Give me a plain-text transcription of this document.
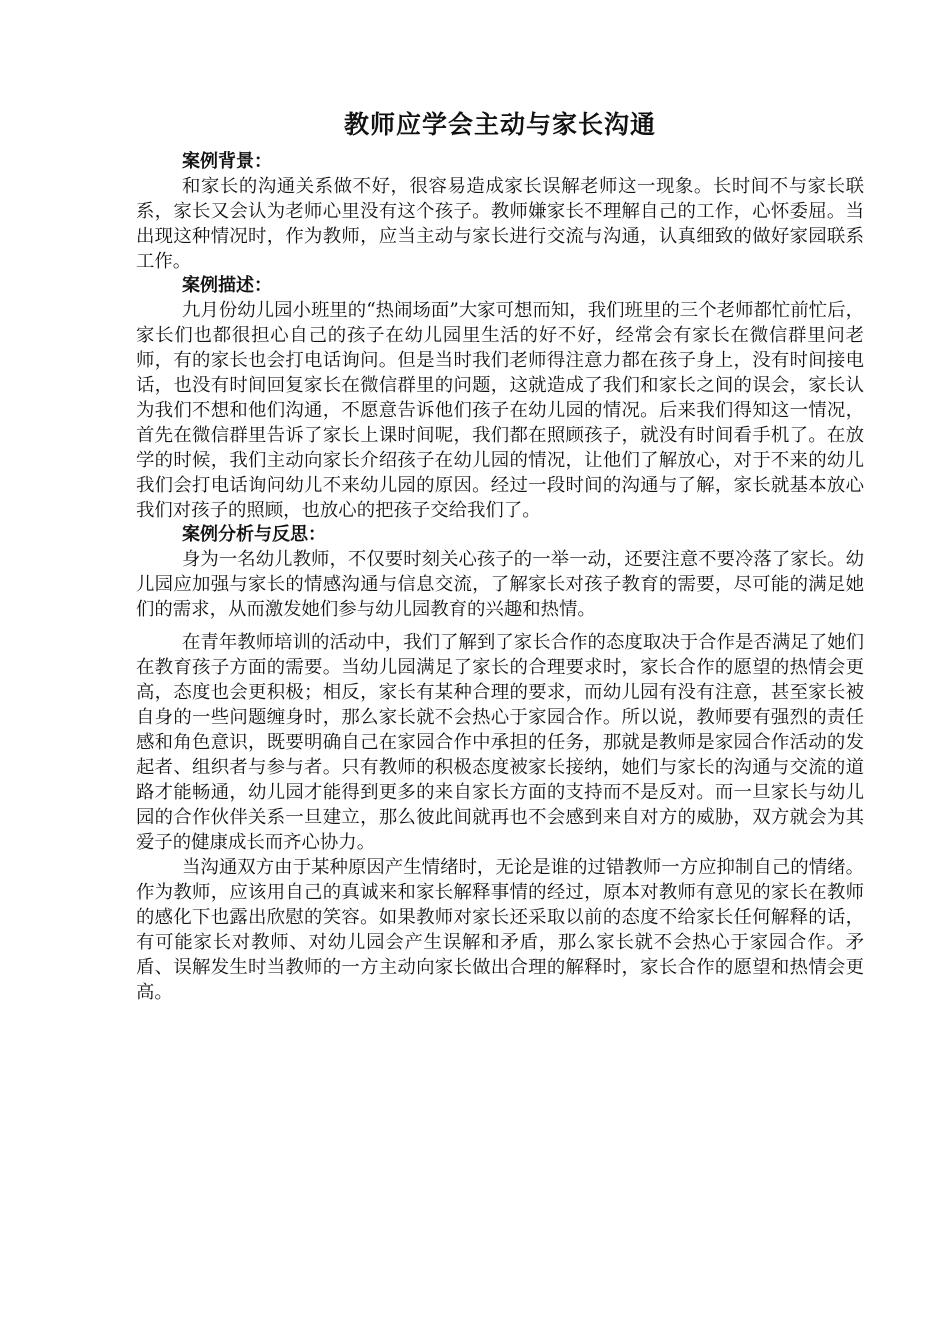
教师应学会主动与家长沟通

案例背景：

和家长的沟通关系做不好，很容易造成家长误解老师这一现象。长时间不与家长联系，家长又会认为老师心里没有这个孩子。教师嫌家长不理解自己的工作，心怀委屈。当出现这种情况时，作为教师，应当主动与家长进行交流与沟通，认真细致的做好家园联系工作。

案例描述：

九月份幼儿园小班里的“热闹场面”大家可想而知，我们班里的三个老师都忙前忙后，家长们也都很担心自己的孩子在幼儿园里生活的好不好，经常会有家长在微信群里问老师，有的家长也会打电话询问。但是当时我们老师得注意力都在孩子身上，没有时间接电话，也没有时间回复家长在微信群里的问题，这就造成了我们和家长之间的误会，家长认为我们不想和他们沟通，不愿意告诉他们孩子在幼儿园的情况。后来我们得知这一情况，首先在微信群里告诉了家长上课时间呢，我们都在照顾孩子，就没有时间看手机了。在放学的时候，我们主动向家长介绍孩子在幼儿园的情况，让他们了解放心，对于不来的幼儿我们会打电话询问幼儿不来幼儿园的原因。经过一段时间的沟通与了解，家长就基本放心我们对孩子的照顾，也放心的把孩子交给我们了。

案例分析与反思：

身为一名幼儿教师，不仅要时刻关心孩子的一举一动，还要注意不要冷落了家长。幼儿园应加强与家长的情感沟通与信息交流，了解家长对孩子教育的需要，尽可能的满足她们的需求，从而激发她们参与幼儿园教育的兴趣和热情。

在青年教师培训的活动中，我们了解到了家长合作的态度取决于合作是否满足了她们在教育孩子方面的需要。当幼儿园满足了家长的合理要求时，家长合作的愿望的热情会更高，态度也会更积极；相反，家长有某种合理的要求，而幼儿园有没有注意，甚至家长被自身的一些问题缠身时，那么家长就不会热心于家园合作。所以说，教师要有强烈的责任感和角色意识，既要明确自己在家园合作中承担的任务，那就是教师是家园合作活动的发起者、组织者与参与者。只有教师的积极态度被家长接纳，她们与家长的沟通与交流的道路才能畅通，幼儿园才能得到更多的来自家长方面的支持而不是反对。而一旦家长与幼儿园的合作伙伴关系一旦建立，那么彼此间就再也不会感到来自对方的威胁，双方就会为其爱子的健康成长而齐心协力。

当沟通双方由于某种原因产生情绪时，无论是谁的过错教师一方应抑制自己的情绪。作为教师，应该用自己的真诚来和家长解释事情的经过，原本对教师有意见的家长在教师的感化下也露出欣慰的笑容。如果教师对家长还采取以前的态度不给家长任何解释的话，有可能家长对教师、对幼儿园会产生误解和矛盾，那么家长就不会热心于家园合作。矛盾、误解发生时当教师的一方主动向家长做出合理的解释时，家长合作的愿望和热情会更高。
